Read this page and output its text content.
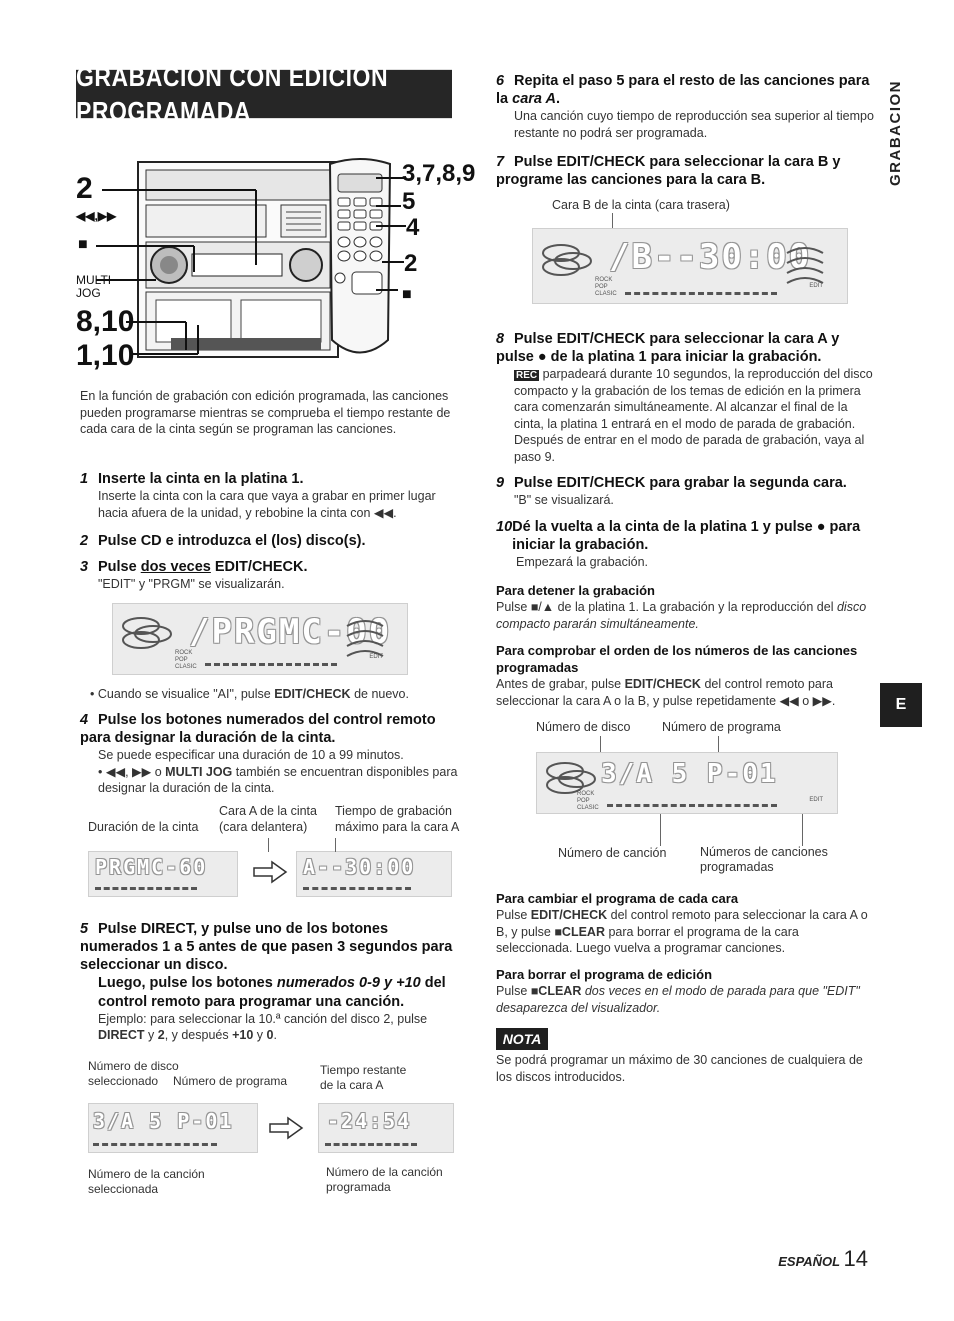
GRABACION CON EDICION PROGRAMADA	GRABACION
E
2
◀◀,▶▶
■
MULTI JOG
8,10
1,10
3,7,8,9
5
4
2
■
En la función de grabación con edición programada, las canciones pueden programarse mientras se comprueba el tiempo restante de cada cara de la cinta según se programan las canciones.
1 Inserte la cinta en la platina 1.
Inserte la cinta con la cara que vaya a grabar en primer lugar hacia afuera de la unidad, y rebobine la cinta con ◀◀.
2 Pulse CD e introduzca el (los) disco(s).
3 Pulse dos veces EDIT/CHECK.
"EDIT" y "PRGM" se visualizarán.
/PRGMC-00
ROCK
POP
CLASIC
EDIT
• Cuando se visualice "AI", pulse EDIT/CHECK de nuevo.
4 Pulse los botones numerados del control remoto para designar la duración de la cinta.
Se puede especificar una duración de 10 a 99 minutos.
• ◀◀, ▶▶ o MULTI JOG también se encuentran disponibles para designar la duración de la cinta.
Cara A de la cinta
Duración de la cinta (cara delantera)
Tiempo de grabación
máximo para la cara A
PRGMC-60	A--30:00
5 Pulse DIRECT, y pulse uno de los botones numerados 1 a 5 antes de que pasen 3 segundos para seleccionar un disco.
Luego, pulse los botones numerados 0-9 y +10 del control remoto para programar una canción.
Ejemplo: para seleccionar la 10.ª canción del disco 2, pulse DIRECT y 2, y después +10 y 0.
Número de disco
seleccionado Número de programa
Tiempo restante
de la cara A
3/A 5 P-01	-24:54
Número de la canción
seleccionada
Número de la canción
programada
6 Repita el paso 5 para el resto de las canciones para la cara A.
Una canción cuyo tiempo de reproducción sea superior al tiempo restante no podrá ser programada.
7 Pulse EDIT/CHECK para seleccionar la cara B y programe las canciones para la cara B.
Cara B de la cinta (cara trasera)
/B--30:00
ROCK
POP
CLASIC
EDIT
8 Pulse EDIT/CHECK para seleccionar la cara A y pulse ● de la platina 1 para iniciar la grabación.
REC parpadeará durante 10 segundos, la reproducción del disco compacto y la grabación de los temas de edición en la primera cara comenzarán simultáneamente. Al alcanzar el final de la cinta, la platina 1 entrará en el modo de parada de grabación. Después de entrar en el modo de parada de grabación, vaya al paso 9.
9 Pulse EDIT/CHECK para grabar la segunda cara.
"B" se visualizará.
10 Dé la vuelta a la cinta de la platina 1 y pulse ● para iniciar la grabación.
Empezará la grabación.
Para detener la grabación
Pulse ■/▲ de la platina 1. La grabación y la reproducción del disco compacto pararán simultáneamente.
Para comprobar el orden de los números de las canciones programadas
Antes de grabar, pulse EDIT/CHECK del control remoto para seleccionar la cara A o la B, y pulse repetidamente ◀◀ o ▶▶.
Número de disco	Número de programa
3/A 5 P-01
ROCK
POP
CLASIC
EDIT
Número de canción	Números de canciones
programadas
Para cambiar el programa de cada cara
Pulse EDIT/CHECK del control remoto para seleccionar la cara A o B, y pulse ■CLEAR para borrar el programa de la cara seleccionada. Luego vuelva a programar canciones.
Para borrar el programa de edición
Pulse ■CLEAR dos veces en el modo de parada para que "EDIT" desaparezca del visualizador.
NOTA
Se podrá programar un máximo de 30 canciones de cualquiera de los discos introducidos.
ESPAÑOL 14
